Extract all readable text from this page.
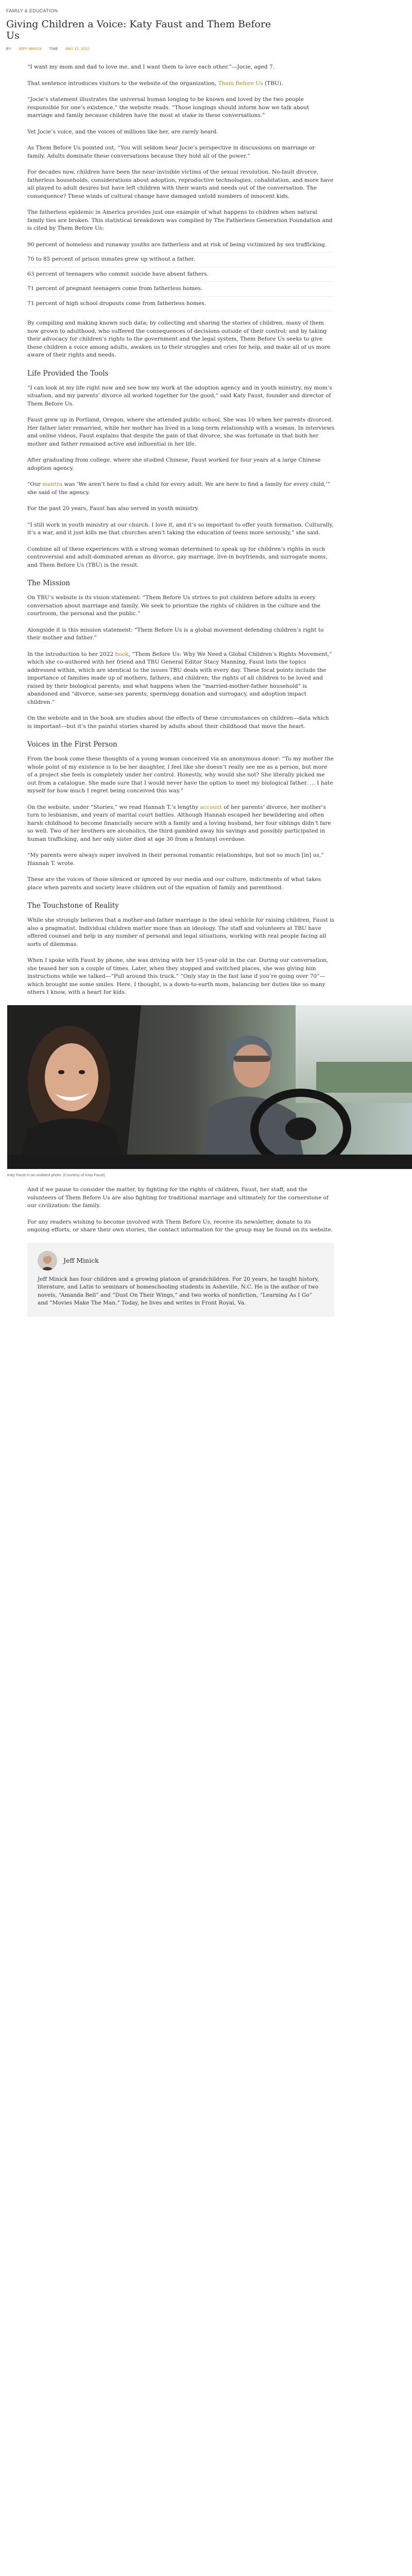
FAMILY & EDUCATION
Giving Children a Voice: Katy Faust and Them Before Us
BY JEFF MINICK TIME MAY 12, 2022

“I want my mom and dad to love me, and I want them to love each other.”—Jocie, aged 7.

That sentence introduces visitors to the website of the organization, Them Before Us (TBU).

“Jocie’s statement illustrates the universal human longing to be known and loved by the two people responsible for one’s existence,” the website reads. “Those longings should inform how we talk about marriage and family because children have the most at stake in these conversations.”

Yet Jocie’s voice, and the voices of millions like her, are rarely heard.

As Them Before Us pointed out, “You will seldom hear Jocie’s perspective in discussions on marriage or family. Adults dominate these conversations because they hold all of the power.”

For decades now, children have been the near-invisible victims of the sexual revolution. No-fault divorce, fatherless households, considerations about adoption, reproductive technologies, cohabitation, and more have all played to adult desires but have left children with their wants and needs out of the conversation. The consequence? These winds of cultural change have damaged untold numbers of innocent kids.

The fatherless epidemic in America provides just one example of what happens to children when natural family ties are broken. This statistical breakdown was compiled by The Fatherless Generation Foundation and is cited by Them Before Us:

90 percent of homeless and runaway youths are fatherless and at risk of being victimized by sex trafficking.
70 to 85 percent of prison inmates grew up without a father.
63 percent of teenagers who commit suicide have absent fathers.
71 percent of pregnant teenagers come from fatherless homes.
71 percent of high school dropouts come from fatherless homes.

By compiling and making known such data; by collecting and sharing the stories of children, many of them now grown to adulthood, who suffered the consequences of decisions outside of their control; and by taking their advocacy for children’s rights to the government and the legal system, Them Before Us seeks to give these children a voice among adults, awaken us to their struggles and cries for help, and make all of us more aware of their rights and needs.

Life Provided the Tools

“I can look at my life right now and see how my work at the adoption agency and in youth ministry, my mom’s situation, and my parents’ divorce all worked together for the good,” said Katy Faust, founder and director of Them Before Us.

Faust grew up in Portland, Oregon, where she attended public school. She was 10 when her parents divorced. Her father later remarried, while her mother has lived in a long-term relationship with a woman. In interviews and online videos, Faust explains that despite the pain of that divorce, she was fortunate in that both her mother and father remained active and influential in her life.

After graduating from college, where she studied Chinese, Faust worked for four years at a large Chinese adoption agency.

“Our mantra was ‘We aren’t here to find a child for every adult. We are here to find a family for every child,’” she said of the agency.

For the past 20 years, Faust has also served in youth ministry.

“I still work in youth ministry at our church. I love it, and it’s so important to offer youth formation. Culturally, it’s a war, and it just kills me that churches aren’t taking the education of teens more seriously,” she said.

Combine all of these experiences with a strong woman determined to speak up for children’s rights in such controversial and adult-dominated arenas as divorce, gay marriage, live-in boyfriends, and surrogate moms, and Them Before Us (TBU) is the result.

The Mission

On TBU’s website is its vision statement: “Them Before Us strives to put children before adults in every conversation about marriage and family. We seek to prioritize the rights of children in the culture and the courtroom, the personal and the public.”

Alongside it is this mission statement: “Them Before Us is a global movement defending children’s right to their mother and father.”

In the introduction to her 2022 book, “Them Before Us: Why We Need a Global Children’s Rights Movement,” which she co-authored with her friend and TBU General Editor Stacy Manning, Faust lists the topics addressed within, which are identical to the issues TBU deals with every day. These focal points include the importance of families made up of mothers, fathers, and children; the rights of all children to be loved and raised by their biological parents; and what happens when the “married-mother-father household” is abandoned and “divorce, same-sex parents, sperm/egg donation and surrogacy, and adoption impact children.”

On the website and in the book are studies about the effects of these circumstances on children—data which is important—but it’s the painful stories shared by adults about their childhood that move the heart.

Voices in the First Person

From the book come these thoughts of a young woman conceived via an anonymous donor: “To my mother the whole point of my existence is to be her daughter, I feel like she doesn’t really see me as a person, but more of a project she feels is completely under her control. Honestly, why would she not? She literally picked me out from a catalogue. She made sure that I would never have the option to meet my biological father. … I hate myself for how much I regret being conceived this way.”

On the website, under “Stories,” we read Hannah T.’s lengthy account of her parents’ divorce, her mother’s turn to lesbianism, and years of marital court battles. Although Hannah escaped her bewildering and often harsh childhood to become financially secure with a family and a loving husband, her four siblings didn’t fare so well. Two of her brothers are alcoholics, the third gambled away his savings and possibly participated in human trafficking, and her only sister died at age 30 from a fentanyl overdose.

“My parents were always super involved in their personal romantic relationships, but not so much [in] us,” Hannah T. wrote.

These are the voices of those silenced or ignored by our media and our culture, indictments of what takes place when parents and society leave children out of the equation of family and parenthood.

The Touchstone of Reality

While she strongly believes that a mother-and-father marriage is the ideal vehicle for raising children, Faust is also a pragmatist. Individual children matter more than an ideology. The staff and volunteers at TBU have offered counsel and help in any number of personal and legal situations, working with real people facing all sorts of dilemmas.

When I spoke with Faust by phone, she was driving with her 15-year-old in the car. During our conversation, she teased her son a couple of times. Later, when they stopped and switched places, she was giving him instructions while we talked—“Pull around this truck.” “Only stay in the fast lane if you’re going over 70”—which brought me some smiles. Here, I thought, is a down-to-earth mom, balancing her duties like so many others I know, with a heart for kids.

Katy Faust in an undated photo. (Courtesy of Katy Faust)

And if we pause to consider the matter, by fighting for the rights of children, Faust, her staff, and the volunteers of Them Before Us are also fighting for traditional marriage and ultimately for the cornerstone of our civilization: the family.

For any readers wishing to become involved with Them Before Us, receive its newsletter, donate to its ongoing efforts, or share their own stories, the contact information for the group may be found on its website.

Jeff Minick

Jeff Minick has four children and a growing platoon of grandchildren. For 20 years, he taught history, literature, and Latin to seminars of homeschooling students in Asheville, N.C. He is the author of two novels, “Amanda Bell” and “Dust On Their Wings,” and two works of nonfiction, “Learning As I Go” and “Movies Make The Man.” Today, he lives and writes in Front Royal, Va.
